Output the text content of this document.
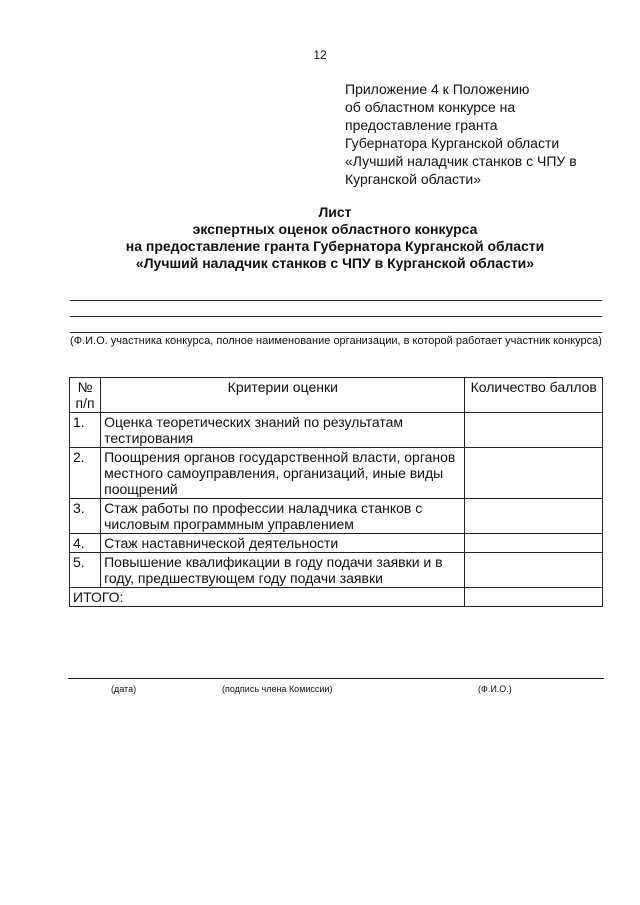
12
Приложение 4 к Положению
об областном конкурсе на
предоставление гранта
Губернатора Курганской области
«Лучший наладчик станков с ЧПУ в
Курганской области»
Лист
экспертных оценок областного конкурса
на предоставление гранта Губернатора Курганской области
«Лучший наладчик станков с ЧПУ в Курганской области»
(Ф.И.О. участника конкурса, полное наименование организации, в которой работает участник конкурса)
№ п/п	Критерии оценки	Количество баллов
1.	Оценка теоретических знаний по результатам тестирования	
2.	Поощрения органов государственной власти, органов местного самоуправления, организаций, иные виды поощрений	
3.	Стаж работы по профессии наладчика станков с числовым программным управлением	
4.	Стаж наставнической деятельности	
5.	Повышение квалификации в году подачи заявки и в году, предшествующем году подачи заявки	
ИТОГО:		
(дата)	(подпись члена Комиссии)	(Ф.И.О.)
